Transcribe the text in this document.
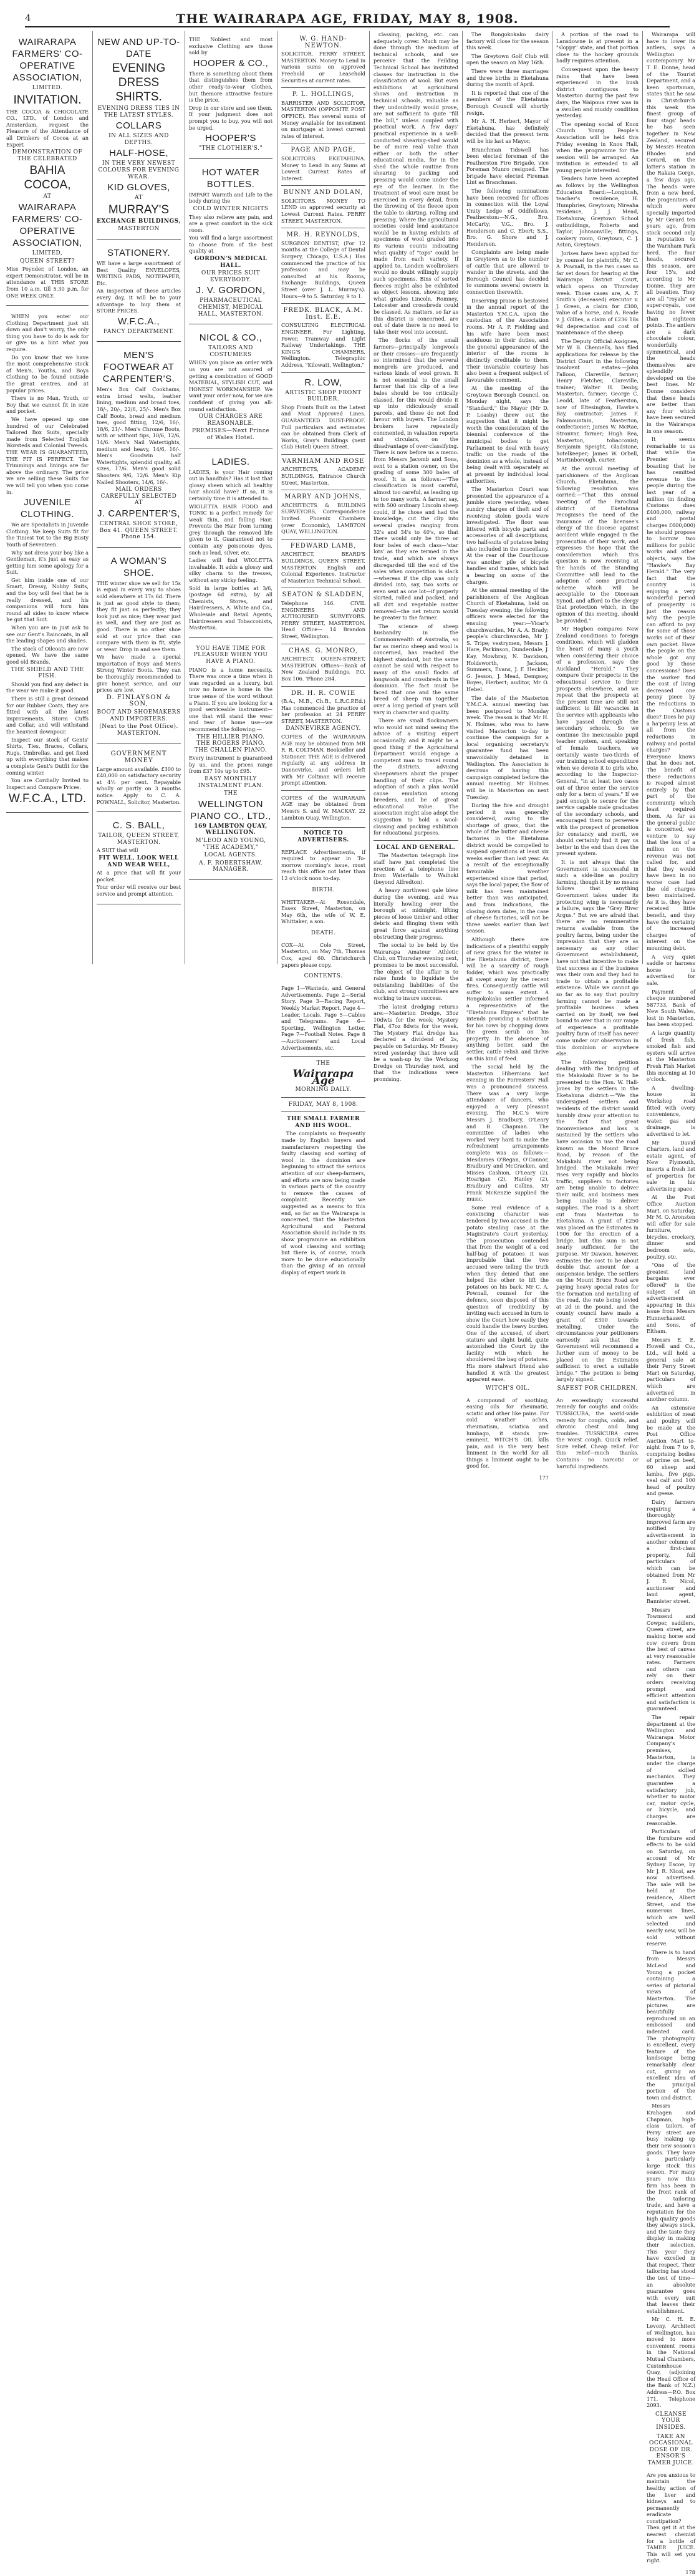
4	THE WAIRARAPA AGE, FRIDAY, MAY 8, 1908.

WAIRARAPA FARMERS' CO-OPERATIVE ASSOCIATION,

LIMITED.

INVITATION.

THE COCOA & CHOCOLATE CO., LTD., of London and Amsterdam, request the Pleasure of the Attendance of all Drinkers of Cocoa at an Expert

DEMONSTRATION OF THE CELEBRATED

BAHIA COCOA,

AT

WAIRARAPA FARMERS' CO-OPERATIVE ASSOCIATION,

LIMITED,

QUEEN STREET?

Miss Poynder, of London, an expert Demonstrator, will be in attendance at THIS STORE from 10 a.m. till 5.30 p.m. for ONE WEEK ONLY.

WHEN you enter our Clothing Department just sit down and don't worry, the only thing you have to do is ask for or give us a hint what you require.

Do you know that we have the most comprehensive stock of Men's, Youths, and Boys Clothing to be found outside the great centres, and at popular prices.

There is no Man, Youth, or Boy that we cannot fit in size and pocket.

We have opened up one hundred of our Celebrated Tailored Box Suits, specially made from Selected English Worsteds and Colonial Tweeds. THE WEAR IS GUARANTEED, THE FIT IS PERFECT. The Trimmings and linings are far above the ordinary. The price we are selling these Suits for we will tell you when you come in.

JUVENILE CLOTHING.

We are Specialists in Juvenile Clothing. We keep Suits fit for the Tiniest Tot to the Big Busty Youth of Seventeen.

Why not dress your boy like a Gentleman, it's just as easy as getting him some apology for a Suit.

Get him inside one of our Smart, Dressy, Nobby Suits, and the boy will feel that he is really dressed, and his companions will turn him round all sides to know where he got that Suit.

When you are in just ask to see our Gent's Raincoats, in all the leading shapes and shades.

The stock of Oilcoats are now opened, We have the same good old Brands,

THE SHIELD AND THE FISH.

Should you find any defect in the wear we make it good.

There is still a great demand for our Rubber Coats, they are fitted with all the latest improvements, Storm Cuffs and Collar, and will withstand the heaviest downpour.

Inspect our stock of Gents' Shirts, Ties, Braces, Collars, Rugs, Umbrellas, and get fixed up with everything that makes a complete Gent's Outfit for the coming winter.

You are Cordially Invited to Inspect and Compare Prices.

W.F.C.A., LTD.

NEW AND UP-TO-DATE

EVENING DRESS SHIRTS.

EVENING DRESS TIES IN THE LATEST STYLES.

COLLARS

IN ALL SIZES AND DEPTHS.

HALF-HOSE,

IN THE VERY NEWEST COLOURS FOR EVENING WEAR.

KID GLOVES,

AT

MURRAY'S

EXCHANGE BUILDINGS,

MASTERTON

STATIONERY.

WE have a large assortment of Best Quality ENVELOPES, WRITING PADS, NOTEPAPER, Etc.

An inspection of these articles every day, it will be to your advantage to buy them at STORE PRICES.

W.F.C.A.,

FANCY DEPARTMENT.

MEN'S FOOTWEAR AT CARPENTER'S.

Men's Box Calf Cookhams, extra broad welts, leather lining, medium and broad toes, 18/-, 20/-, 22/6, 25/-. Men's Box Calf Boots, bread and medium toes, good fitting, 12/6, 16/-, 18/6, 21/-. Men's Chrome Boots, with or without tips, 10/6, 12/6, 14/6. Men's Nail Watertights, medium and heavy, 14/6, 16/-. Men's Goodwin half Watertights, splendid quality, all sizes, 17/6. Men's good solid Shooters 9/6, 12/6. Men's Kip Nailed Shooters, 14/6, 16/-.

MAIL ORDERS CAREFULLY SELECTED AT

J. CARPENTER'S,

CENTRAL SHOE STORE, Box 41. QUEEN STREET. Phone 154.

A WOMAN'S SHOE.

THE winter shoe we sell for 15s is equal in every way to shoes sold elsewhere at 17s 6d. There is just as good style to them; they fit just as perfectly; they look just as nice; they wear just as well, and they are just as good. There is no other shoe sold at our price that can compare with them in fit, style or wear. Drop in and see them.

We have made a special importation of Boys' and Men's Strong Winter Boots. They can be thoroughly recommended to give honest service, and our prices are low.

D. FINLAYSON & SON,

BOOT AND SHOEMAKERS AND IMPORTERS.

(Next to the Post Office). MASTERTON.

GOVERNMENT MONEY

Large amount available. £300 to £40,000 on satisfactory security at 4½ per cent. Repayable wholly or partly on 3 months notice. Apply to C. A. POWNALL, Solicitor, Masterton.

C. S. BALL,

TAILOR, QUEEN STREET, MASTERTON.

A SUIT that will

FIT WELL, LOOK WELL AND WEAR WELL,

At a price that will fit your pocket.

Your order will receive our best service and prompt attention.

THE Noblest and most exclusive Clothing are those sold by

HOOPER & CO.,

There is something about them that distinguishes them from other ready-to-wear Clothes, but themore attractive feature is the price.

Drop in our store and see them. If your judgment does not prompt you to buy, you will not be urged.

HOOPER'S

"THE CLOTHIER'S."

HOT WATER BOTTLES.

IMPART Warmth and Life to the body during the

COLD WINTER NIGHTS

They also relieve any pain, and are a great comfort in the sick room.

You will find a large assortment to choose from of the best quality at

GORDON'S MEDICAL HALL.

OUR PRICES SUIT EVERYBODY.

J. V. GORDON,

PHARMACEUTICAL CHEMIST, MEDICAL HALL, MASTERTON.

NICOL & CO.,

TAILORS AND COSTUMERS

WHEN you place an order with us you are not assured of getting a combination of GOOD MATERIAL, STYLISH CUT, and HONEST WORKMANSHIP. We want your order now, for we are confident of giving you all-round satisfaction.

OUR CHARGES ARE REASONABLE.

PREMISES—Next Prince of Wales Hotel.

LADIES.

LADIES, is your Hair coming out in handfuls? Has it lost that glossy sheen which all healthy hair should have? If so, it is certainly time it is attended to.

WIOLETTA HAIR FOOD and TONIC is a perfect remedy for weak thin, and falling Hair. Prevents the Hair from turning grey through the removed life given to it. Guaranteed not to contain any poisonous dyes, such as lead, silver, etc.

Ladies will find WIOLETTA invaluable. It adds a glossy and silky charm to the tresses, without any sticky feeling.

Sold in large bottles at 3/6, (postage 6d extra), by all Chemists, Stores, and Hairdressers, A. White and Co., Wholesale and Retail Agents, Hairdressers and Tobacconists, Masterton.

YOU HAVE TIME FOR PLEASURE WHEN YOU HAVE A PIANO.

PIANO is a home necessity. There was once a time when it was regarded as a luxury, but now no home is home in the true sense of the word without a Piano. If you are looking for a good serviceable instrument—one that will stand the wear and tear of home use—we recommend the following:—

THE HILLIER PIANO. THE ROGERS PIANO. THE CHALLEN PIANO.

Every instrument is guaranteed by us, and the prices range from £37 10s up to £95.

EASY MONTHLY INSTALMENT PLAN.

THE

WELLINGTON PIANO CO., LTD.,

169 LAMBTON QUAY, WELLINGTON.

M'LEOD AND YOUNG, "THE ACADEMY,"

LOCAL AGENTS.

A. F. ROBERTSHAW, MANAGER.

W. G. HAND-NEWTON.

SOLICITOR. PERRY STREET, MASTERTON. Money to Lend in various sums on approved Freehold or Leasehold Securities at current rates.

P. L. HOLLINGS,

BARRISTER AND SOLICITOR, MASTERTON (OPPOSITE POST OFFICE). Has several sums of Money available for investment on mortgage at lowest current rates of interest.

PAGE AND PAGE,

SOLICITORS. EKETAHUNA. Money to Lend in any Sums at Lowest Current Rates of Interest.

BUNNY AND DOLAN,

SOLICITORS. MONEY TO LEND on approved security at Lowest Current Rates. PERRY STREET, MASTERTON.

MR. H. REYNOLDS,

SURGEON DENTIST, (For 12 months at the College of Dental Surgery, Chicago, U.S.A.) Has commenced the practice of his profession and may be consulted at his Rooms, Exchange Buildings, Queen Street (over J. L. Murray's). Hours—9 to 5. Saturday, 9 to 1.

FREDK. BLACK, A.M. Inst. E.E.

CONSULTING ELECTRICAL ENGINEER, For Lighting, Power, Tramway and Light Railway Undertakings. THE KING'S CHAMBERS, Wellington. Telegraphic Address, "Kilowatt, Wellington."

R. LOW,

ARTISTIC SHOP FRONT BUILDER.

Shop Fronts Built on the Latest and Most Approved Lines. GUARANTEED DUST-PROOF. Full particulars and estimates can be obtained from Clerk of Works, Gray's Buildings (next Club Hotel) Queen Street.

VARNHAM AND ROSE

ARCHITECTS, ACADEMY BUILDINGS, Entrance Church Street, Masterton.

MARRY AND JOHNS,

ARCHITECTS & BUILDING SURVEYORS, Correspondence Invited. Phoenix Chambers (over Economic), LAMBTON QUAY, WELLINGTON.

FEDWARD LAMB,

ARCHITECT, BEARD'S BUILDINGS, QUEEN STREET, MASTERTON. English and Colonial Experience. Instructor of Masterton Technical School.

SEATON & SLADDEN,

Telephone 146. CIVIL ENGINEERS AND AUTHORISED SURVEYORS. PERRY STREET, MASTERTON. Head Office— 14 Brandon Street, Wellington.

CHAS. G. MONRO,

ARCHITECT, QUEEN-STREET, MASTERTON. Offices—Bank of New Zealand Buildings. P.O. Box 106. 'Phone 284.

DR. H. R. COWIE

(B.A., M.B., Ch.B., L.R.C.P.Ed.) Has commenced the practice of her profession at 24 PERRY STREET, MASTERTON.

DANNEVIRKE AGENCY.

COPIES of the WAIRARAPA AGE may be obtained from MR R. R. COLTMAN, Bookseller and Stationer. THE AGE is delivered regularly at any address in Dannevirke, and orders left with Mr Coltman will receive prompt attention.

COPIES of the WAIRARAPA AGE may be obtained from Messrs S. and W. MACKAY, 22 Lambton Quay, Wellington.

NOTICE TO ADVERTISERS.

REPLACE Advertisements, if required to appear in To-morrow morning's issue, must reach this office not later than 12 o'clock noon to-day.

BIRTH.

WHITTAKER—At Rosendale, Essex Street, Masterton, on May 6th, the wife of W. E. Whittaker, a son.

DEATH.

COX—At Cole Street, Masterton, on May 7th, Thomas Cox, aged 60. Christchurch papers please copy.

CONTENTS.

Page 1—Wanteds, and General Advertisements. Page 2—Serial Story. Page 3—Racing Report, Weekly Market Report. Page 4—Leader, Locals. Page 5—Cables and Telegrams. Page 6—Sporting, Wellington Letter. Page 7—Football Notes. Page 8—Auctioneers' and Local Advertisements, etc.

THE

Wairarapa Age

MORNING DAILY.

FRIDAY, MAY 8, 1908.

THE SMALL FARMER AND HIS WOOL.

The complaints so frequently made by English buyers and manufacturers respecting the faulty classing and sorting of wool in the dominion are beginning to attract the serious attention of our sheep-farmers, and efforts are now being made in various parts of the country to remove the causes of complaint. Recently we suggested as a means to this end, so far as the Wairarapa is concerned, that the Masterton Agricultural and Pastoral Association should include in its show programme an exhibition of wool classing and sorting; but there is, of course, much more to be done educationally than the giving of an annual display of expert work in

classing, packing, etc. can adequately cover. Much may be done through the medium of technical schools, and we perceive that the Feilding Technical School has instituted classes for instruction in the classification of wool. But even exhibitions at agricultural shows and instruction in technical schools, valuable as they undoubtedly would prove, are not sufficient to quite "fill the bill," unless coupled with practical work. A few days' practical experience in a well-conducted shearing-shed would be of more real value than either or both the other educational media, for in the shed the whole routine from shearing to packing and pressing would come under the eye of the learner. In the treatment of wool care must be exercised in every detail, from the throwing of the fleece upon the table to skirting, rolling and pressing. Where the agricultural societies could lend assistance would be in having exhibits of specimens of wool graded into its various counts indicating what quality of "tops" could be made from each variety. If applied to, London woolbrokers would no doubt willingly supply such specimens. Bins of sorted fleeces might also be exhibited as object lessons, showing into what grades Lincoln, Romney, Leicester and crossbreds could be classed. As matters, so far as this district is concerned, are out of date there is no need to take their wool into account.

The flocks of the small farmers—principally longwools or their crosses—are frequently so intermixed that the several mongrels are produced, and various kinds of wool grown. It is not essential to the small farmer that his clip of a few bales should be too critically classed, for this would divide it up into ridiculously small parcels, and those do not find favour with buyers. The London brokers have repeatedly commented, in valuation reports and circulars, on the disadvantage of over-classifying. There is now before us a memo. from Messrs Jacomb and Sons, sent to a station owner, on the grading of some 300 bales of wool. It is as follows:—"The classification is most careful, almost too careful, as leading up to too many sorts. A farmer, say, with 500 ordinary Lincoln sheep could, if he chose and had the knowledge, cut the clip into several grades ranging from 32's and 34's to 40's, so that there would only be three or four bales of each class—'star lots' as they are termed in the trade, and which are always disregarded till the end of the sales when competition is slack—whereas if the clip was only divided into, say, two sorts or even sent as one lot—if properly skirted, rolled and packed, and all dirt and vegetable matter removed—the net return would be greater to the farmer.

The science of sheep husbandry in the Commonwealth of Australia, so far as merino sheep and wool is concerned, has reached the highest standard, but the same cannot be said with respect to many of the small flocks of longwools and crossbreds in the dominion. The fact must be faced that one and the same breed of sheep run together over a long period of years will vary in character and quality.

There are small flockowners who would not mind seeing the advice of a visiting expert occasionally, and it might be a good thing if the Agricultural Department would engage a competent man to travel round the districts, advising sheepowners about the proper handling of their clips. The adoption of such a plan would cause emulation among breeders, and be of great educational value. The association might also adopt the suggestion to hold a wool-classing and packing exhibition for educational purposes.

LOCAL AND GENERAL.

The Masterton telegraph line staff have just completed the erection of a telephone line from Waterfalls to Waihoki (beyond Alfredton).

A heavy northwest gale blew during the evening, and was literally howling over the borough at midnight, lifting pieces of loose timber and other debris and flinging them with great force against anything obstructing their progress.

The social to be held by the Wairarapa Amateur Athletic Club, on Thursday evening next, promises to be most successful. The object of the affair is to raise funds to liquidate the outstanding liabilities of the club, and strong committees are working to insure success.

The latest dredging returns are:—Masterton Dredge, 35oz 10dwts for the week; Mystery Flat, 47oz 8dwts for the week. The Mystery Flat dredge has declared a dividend of 2s, payable on Saturday. Mr Hessey wired yesterday that there will be a wash-up by the Werkzog Dredge on Thursday next, and that the indications were promising.

The Rongokokako dairy factory will close for the season this week.

The Greytown Golf Club will open the season on May 16th.

There were three marriages and three births in Eketahuna during the month of April.

It is reported that one of the members of the Eketahuna Borough Council will shortly resign.

Mr A. H. Herbert, Mayor of Eketahuna, has definitely decided that the present term will be his last as Mayor.

Branchman Tidswell has been elected foreman of the Featherston Fire Brigade, vice Foreman Munro resigned. The brigade have elected Fireman Lint as Branchman.

The following nominations have been received for offices in connection with the Loyal Unity Lodge of Oddfellows, Featherston:—N.G., Bro. McCarty; V.G., Bro. J. Henderson and C. Ebert; S.S., Bro. G. Shore and J. Henderson.

Complaints are being made in Greytown as to the number of cattle that are allowed to wander in the streets, and the Borough Council has decided to summons several owners in connection therewith.

Deserving praise is bestowed in the annual report of the Masterton Y.M.C.A. upon the custodian of the Association rooms. Mr A. P. Fielding and his wife have been most assiduous in their duties, and the general appearance of the interior of the rooms is distinctly creditable to them. Their invariable courtesy has also been a frequent subject of favourable comment.

At the meeting of the Greytown Borough Council, on Monday night, says the "Standard," the Mayor (Mr D. P. Loasby) threw out the suggestion that it might be worth the consideration of the biennial conference of the municipal bodies to get Parliament to deal with heavy traffic on the roads of the dominion as a whole, instead of being dealt with separately as at present by individual local authorities.

The Masterton Court was presented the appearance of a jumble store yesterday, when sundry charges of theft and of receiving stolen goods were investigated. The floor was littered with bicycle parts and accessories of all descriptions, two half-suits of potatoes being also included in the miscellany. At the rear of the Courthouse was another pile of bicycle handles and frames, which had a bearing on some of the charges.

At the annual meeting of the parishioners of the Anglican Church of Eketahuna, held on Tuesday evening, the following officers were elected for the ensuing year:—Vicar's churchwarden, Mr A. A. Brady; people's churchwarden, Mr J. S. Tripe; vestrymen, Messrs J. Hare, Parkinson, Dunderdale, J. Kay, Mowbray, N. Davidson, Holdsworth, Jackson, Summers, Evans, J. F. Heckler, G. Jesson, J. Mead, Dempsey, Boyes, Herbert; auditor, Mr O. Hebel.

The date of the Masterton Y.M.C.A. annual meeting has been postponed to Monday week. The reason is that Mr H. N. Holmes, who was to have visited Masterton to-day to continue the campaign for a local organising secretary's guarantee fund has been unavoidably detained in Wellington. The Association is desirous of having this campaign completed before the annual meeting. Mr Holmes will be in Masterton on next Tuesday.

During the fire and drought period it was generally considered, owing to the shortage of grass, that the whole of the butter and cheese factories in the Eketahuna district would be compelled to suspend operations at least six weeks earlier than last year. As a result of the exceptionally favourable weather experienced since that period, says the local paper, the flow of milk has been maintained better than was anticipated, and from indications, the closing down dates, in the case of cheese factories, will not be three weeks earlier than last season.

Although there are indications of a plentiful supply of new grass for the winter in the Eketahuna district, there will be a scarcity of rough fodder, which was practically all swept away by the recent fires. Consequently cattle will suffer to some extent. A Rongokokako settler informed a representative of the "Eketahuna Express" that he intends providing a substitute for his cows by chopping down the green scrub on his property. In the absence of anything better, said the settler, cattle relish and thrive on this kind of feed.

The social held by the Masterton Hibernians last evening in the Forresters' Hall was a pronounced success. There was a very large attendance of dancers, who enjoyed a very pleasant evening. The M.C.'s were Messrs J. Bradbury, O'Leary and B. Chapman. The committee of ladies who worked very hard to make the refreshment arrangements complete was as follows:—Mesdames O'Regan, O'Connor, Bradbury and McCracken, and Misses Cashion, O'Leary (2), Hoarigan (2), Hanley (2), Bradbury and Collins. Mr Frank McKenzie supplied the music.

Some real evidence of a convincing character was tendered by two accused in the potato stealing case at the Magistrate's Court yesterday. The prosecution contended that from the weight of a cod half-bag of potatoes it was improbable that the two accused were telling the truth when they denied that one helped the other to lift the potatoes on his back. Mr C. A. Pownall, counsel for the defence, soon disposed of this question of credibility by inviting each accused in turn to show the Court how easily they could handle the heavy burden. One of the accused, of short stature and slight build, quite astonished the Court by the facility with which he shouldered the bag of potatoes. His more stalwart friend also handled it with the greatest apparent ease.

WITCH'S OIL.

A compound of soothing, easing oils for rheumatic, sciatic and other like pains. For cold weather aches, rheumatism, sciatica and lumbago, it stands pre-eminent. WITCH'S OIL kills pain, and is the very best liniment in the world for all things a liniment ought to be good for.

177

A portion of the road to Lansdowne is at present in a "sloppy" state, and that portion close to the hockey grounds badly requires attention.

Consequent upon the heavy rains that have been experienced in the bush district contiguous to Masterton during the past few days, the Waipoua river was in a swollen and muddy condition yesterday.

The opening social of Knox Church Young People's Association will be held this Friday evening in Knox Hall, when the programme for the session will be arranged. An invitation is extended to all young people interested.

Tenders have been accepted as follows by the Wellington Education Board:—Longbush, teacher's residence, H. Humphries, Greytown; Nireaha residence, J. J. Mead, Eketahuna; Greytown School outbuildings, Roberts and Taylor, Johnsonville; fittings, cookery room, Greytown, C. J. Aston, Greytown.

Jorises have been applied for by counsel for plaintiffs, Mr C. A. Pownall, in the two cases so far set down for hearing at the Wairarapa District Court, which opens on Thursday week. Those cases are, A. F. Smith's (deceased) executor v. J. Green, a claim for £300, value of a horse, and A. Reade v. J. Gillies, a claim of £236 18s 9d depreciation and cost of maintenance of the sheep.

The Deputy Official Assignee, Mr W. B. Chennells, has filed applications for release by the District Court in the following insolvent estates:—John Falloon, Clareville, farmer; Henry Fletcher, Clareville, trainer; Walter H. Denby, Masterton, farmer; George C. Leodd, late of Featherston, now of Eltesington, Hawke's Bay, contractor; James F. Palamountain, Masterton, confectioner; James W. McRae, Stronvar, farmer; Hugh Rea, Masterton, tobacconist; Benjamin Speight, Gladstone, hotelkeeper; James W. Orbell, Martinborough, carter.

At the annual meeting of parishioners of the Anglican Church, Eketahuna, the following resolution was carried:—"That this annual meeting of the Parochial district of Eketahuna recognises the need of the insurance of the licensee's clergy of the diocese against accident while engaged in the prosecution of their work, and expresses the hope that the consideration which this question is now receiving at the hands of the Standing Committee will lead to the adoption of some practical scheme which will be acceptable to the Diocesan Synod, and afford to the clergy that protection which, in the opinion of this meeting, should be provided."

Mr Hogben compares New Zealand conditions to foreign conditions, which will gladden the heart of many a youth when considering their choice of a profession, says the Auckland "Herald." They compare their prospects in the educational service to their prospects elsewhere, and we repeat that the prospects at the present time are still not sufficient to fill vacancies in the service with applicants who have passed through the secondary schools. So we continue the inexcusable pupil teacher system, and, speaking of female teachers, we certainly waste two-thirds of our training school expenditure when we devote it to girls who, according to the Inspector-General, "in at least two cases out of three enter the service only for a term of years." If we paid enough to secure for the service capable male graduates of the secondary schools, and encouraged them to persevere with the prospect of promotion for constancy and merit, we should certainly find it pay us better in the end than does the present system.

It is not always that the Government is successful in such a side-line as poultry farming, though it by no means follows that anything Government takes under its protecting wing is necessarily a failure, says the "Grey River Argus." But we are afraid that there are no remunerative returns available from the poultry farms, being under the impression that they are as necessary as any other Government establishment, have not that incentive to make that success as if the business was their own and they had to trade to obtain a profitable existence. While we cannot go so far as to say that poultry farming cannot be made a profitable business when carried on by itself, we feel bound to aver that in our range of experience a profitable poultry farm of itself has never come under our observation in this dominion or anywhere else.

The following petition dealing with the bridging of the Makakahi River is to be presented to the Hon. W. Hall-Jones by the settlers in the Eketahuna district:—"We the undersigned settlers and residents of the district would humbly draw your attention to the fact that great inconvenience and loss is sustained by the settlers who have occasion to use the road known as the Mount Bruce Road, by reason of the Makakahi river not being bridged. The Makakahi river rises very rapidly and blocks traffic, suppliers to factories are being unable to deliver their milk, and business men being unable to deliver supplies. The road is a short cut from Masterton to Eketahuna. A grant of £250 was placed on the Estimates in 1906 for the erection of a bridge, but this sum is not nearly sufficient for the purpose. Mr Dawson, however, estimates the cost to be about double that amount for a suspension bridge. The settlers on the Mount Bruce Road are paying heavy special rates for the formation and metalling of the road, the rate being levied at 2d in the pound, and the county council have made a grant of £300 towards metalling. Under the circumstances your petitioners earnestly ask that the Government will recommend a further sum of money to be placed on the Estimates sufficient to erect a suitable bridge." The petition is being largely signed.

SAFEST FOR CHILDREN.

An exceedingly successful remedy for coughs and colds: TUSSICURA, the world-wide remedy for coughs, colds, and chronic chest and lung troubles. TUSSICURA cures the worst cough. Quick relief. Sure relief. Cheap relief. For this relief—much thanks. Contains no narcotic or harmful ingredients.

Wairarapa will have to lower its antlers, says a Wellington contemporary. Mr T. E. Donne, head of the Tourist Department, and a keen sportsman, states that he saw in Christchurch this week the finest group of four stags' heads he has seen together in New Zealand, secured by Messrs Heaton Rhodes and Gerard, on the latter's station in the Rakaia Gorge, a few days ago. The heads were from a new herd, the progenitors of which were specially imported by Mr Gerard ten years ago, from stock second only in reputation to the Warnham Park herd. The four heads, secured this season, are four 15's, and according to Mr Donne, they are all beauties. They are all "royals" or super-royals, one having no fewer than eighteen points. The antlers are a dark chocolate colour, wonderfully symmetrical, and the heads themselves are splendidly developed on the best lines. Mr Donne considers that these heads are better than any four which have been secured in the Wairarapa in one season.

It seems remarkable to us that while the Premier is boasting that he has remitted revenue to the people during the last year of a million (in finding Customs dues £400,000, railway and postal charges £600,000) he should propose to borrow two millions for public works and other objects, says the "Hawke's Bay Herald." The very fact that the country is enjoying a very wonderful period of prosperity is just the reason why the people can afford to pay for some of those works out of their own pocket. Have the people on the whole got any good by those concessions? Does the worker find the cost of living decreased one penny piece by the reductions in the Customs dues? Does he pay a ha'penny less at all from the reductions in railway and postal charges? Everyone knows that he does not. The benefit of these reductions is reaped almost entirely by that part of the community which least required them. As far as the general public is concerned, we venture to say that the loss of a million on the revenue was not called for, and that they would have been in no worse case had the old charges been maintained. As it is, they have received little benefit, and they have the certainty of increased charges of interest on the mounting debt.

A very quiet saddle or harness horse is advertised for sale.

Payment of cheque numbered 587733, Bank of New South Wales, lost in Masterton, has been stopped.

A large quantity of fresh fish, smoked fish and oysters will arrive at the Masterton Fresh Fish Market this morning at 10 o'clock.

A dwelling-house in Workshop road fitted with every convenience, water, gas and drainage, is advertised to let.

Mr David Charters, land and estate agent, of New Plymouth, inserts a fresh list of properties for sale in his advertising space.

At the Post Office Auction Mart, on Saturday, Mr M. O. Aronsten will offer for sale furniture, bicycles, crockery, dinner and bedroom sets, poultry, etc.

"One of the greatest land bargains ever offered" is the subject of an advertisement appearing in this issue from Messrs Hunnerhassett and Sons, of Eltham.

Messrs E. E. Howell and Co., Ltd., will hold a general sale at their Perry Street Mart on Saturday, particulars of which are advertised in another column.

An extensive exhibition of meat and poultry will be made at the Post Office Auction Mart to-night from 7 to 9, comprising bodies of prime ox beef, 60 sheep and lambs, five pigs, veal calf and 100 head of poultry and geese.

Dairy farmers requiring a thoroughly improved farm are notified by advertisement in another column of a first-class property, full particulars of which can be obtained from Mr J. R. Nicol, auctioneer and land agent, Bannister street.

Messrs Townsend and Cowper, saddlers, Queen street, are making horse and cow covers from the best of canvas at very reasonable rates. Farmers and others can rely on their orders receiving prompt and efficient attention and satisfaction is guaranteed.

The repair department at the Wellington and Wairarapa Motor Company's premises, Masterton, is under the charge of skilled mechanics. They guarantee a satisfactory job, whether to motor car, motor cycle, or bicycle, and charges are reasonable.

Particulars of the furniture and effects to be sold on Saturday, on account of Mr Sydney Escoe, by Mr J. R. Nicol, are now advertised. The sale will be held at the residence, Albert Street, and the numerous lines, which are well selected and nearly new, will be sold without reserve.

There is to hand from Messrs McLeod and Young a pocket containing a series of pictorial views of Masterton. The pictures are beautifully reproduced on an embossed and indented card. The photography is excellent, every feature of the landscape being remarkably clear cut, giving an excellent idea of the principal portion of the town and district.

Messrs Krahagen and Chapman, high-class tailors, of Perry street are busy making up their new season's goods. They have a particularly large stock this season. For many years now this firm has been in the front rank of the tailoring trade, and have a reputation for the high quality goods they always stock, and the taste they display in making their selection. This year they have excelled in that respect. Their tailoring has stood the test of time—an absolute guarantee goes with every suit that leaves their establishment.

Mr C. H. E. Levony, Architect of Wellington, has moved to more convenient rooms in the National Mutual Chambers, Customhouse Quay, (adjoining the Head Office of the Bank of N.Z.) Address—P.O. Box 171. Telephone 2093.

CLEANSE YOUR INSIDES.

TAKE AN OCCASIONAL DOSE OF DR. ENSOR'S TAMER JUICE.

Are you anxious to maintain the healthy action of the liver and kidneys and to permanently eradicate constipation? Then get it at the nearest chemist for a bottle of TAMER JUICE. This will set you right.

178
